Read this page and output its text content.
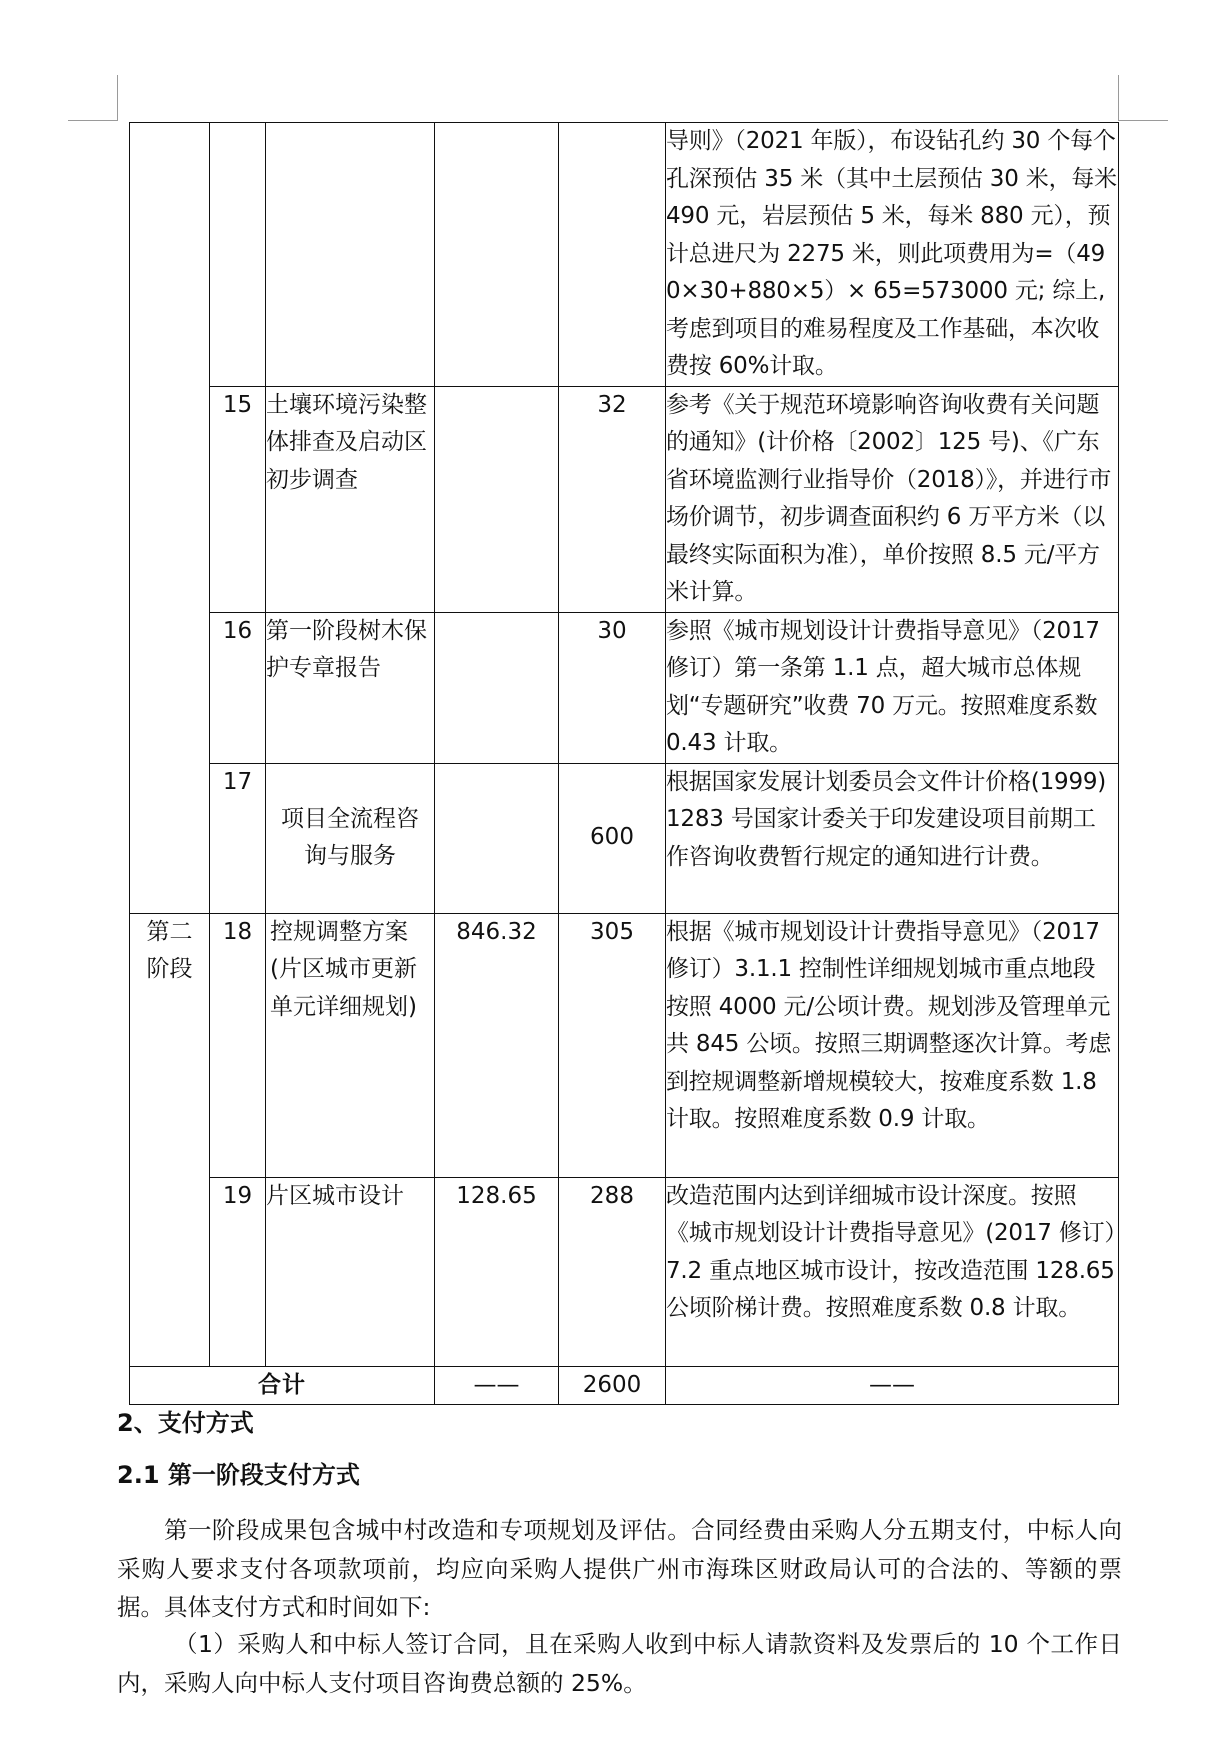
					导则》（2021 年版），布设钻孔约 30 个每个孔深预估 35 米（其中土层预估 30 米，每米 490 元，岩层预估 5 米，每米 880 元），预计总进尺为 2275 米，则此项费用为=（490×30+880×5）× 65=573000 元; 综上, 考虑到项目的难易程度及工作基础，本次收费按 60%计取。
	15	土壤环境污染整体排查及启动区初步调查		32	参考《关于规范环境影响咨询收费有关问题的通知》(计价格〔2002〕125 号)、《广东省环境监测行业指导价（2018）》，并进行市场价调节，初步调查面积约 6 万平方米（以最终实际面积为准），单价按照 8.5 元/平方米计算。
	16	第一阶段树木保护专章报告		30	参照《城市规划设计计费指导意见》（2017 修订）第一条第 1.1 点，超大城市总体规划“专题研究”收费 70 万元。按照难度系数 0.43 计取。
	17	项目全流程咨询与服务		600	根据国家发展计划委员会文件计价格(1999)1283 号国家计委关于印发建设项目前期工作咨询收费暂行规定的通知进行计费。

第二阶段	18	控规调整方案(片区城市更新单元详细规划)	846.32	305	根据《城市规划设计计费指导意见》（2017 修订）3.1.1 控制性详细规划城市重点地段按照 4000 元/公顷计费。规划涉及管理单元共 845 公顷。按照三期调整逐次计算。考虑到控规调整新增规模较大，按难度系数 1.8 计取。按照难度系数 0.9 计取。
	19	片区城市设计	128.65	288	改造范围内达到详细城市设计深度。按照《城市规划设计计费指导意见》(2017 修订）7.2 重点地区城市设计，按改造范围 128.65 公顷阶梯计费。按照难度系数 0.8 计取。
合计			——	2600	——
2、支付方式
2.1 第一阶段支付方式
第一阶段成果包含城中村改造和专项规划及评估。合同经费由采购人分五期支付，中标人向采购人要求支付各项款项前，均应向采购人提供广州市海珠区财政局认可的合法的、等额的票据。具体支付方式和时间如下:
（1）采购人和中标人签订合同，且在采购人收到中标人请款资料及发票后的 10 个工作日内，采购人向中标人支付项目咨询费总额的 25%。
